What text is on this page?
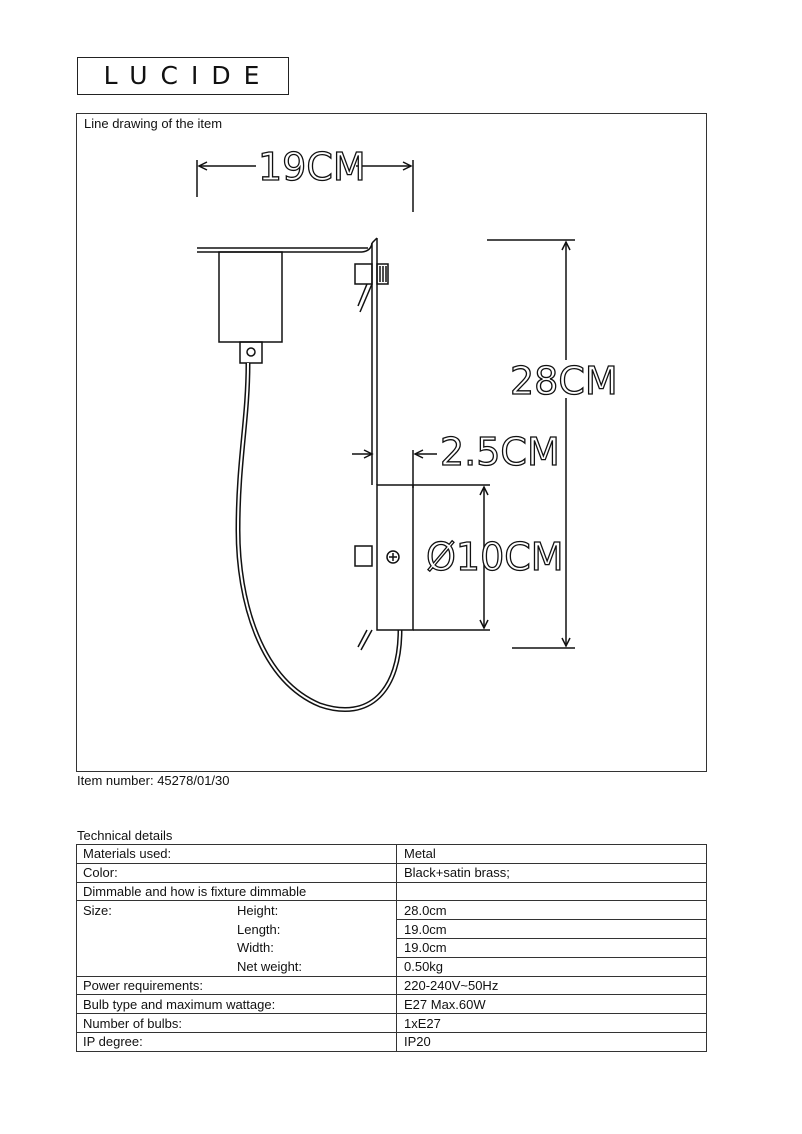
LUCIDE
Line drawing of the item
19CM
28CM
2.5CM
Ø10CM
Item number: 45278/01/30
Technical details
Materials used:	Metal
Color:	Black+satin brass;
Dimmable and how is fixture dimmable	
Size: Height:	28.0cm
Length:	19.0cm
Width:	19.0cm
Net weight:	0.50kg
Power requirements:	220-240V~50Hz
Bulb type and maximum wattage:	E27 Max.60W
Number of bulbs:	1xE27
IP degree:	IP20
